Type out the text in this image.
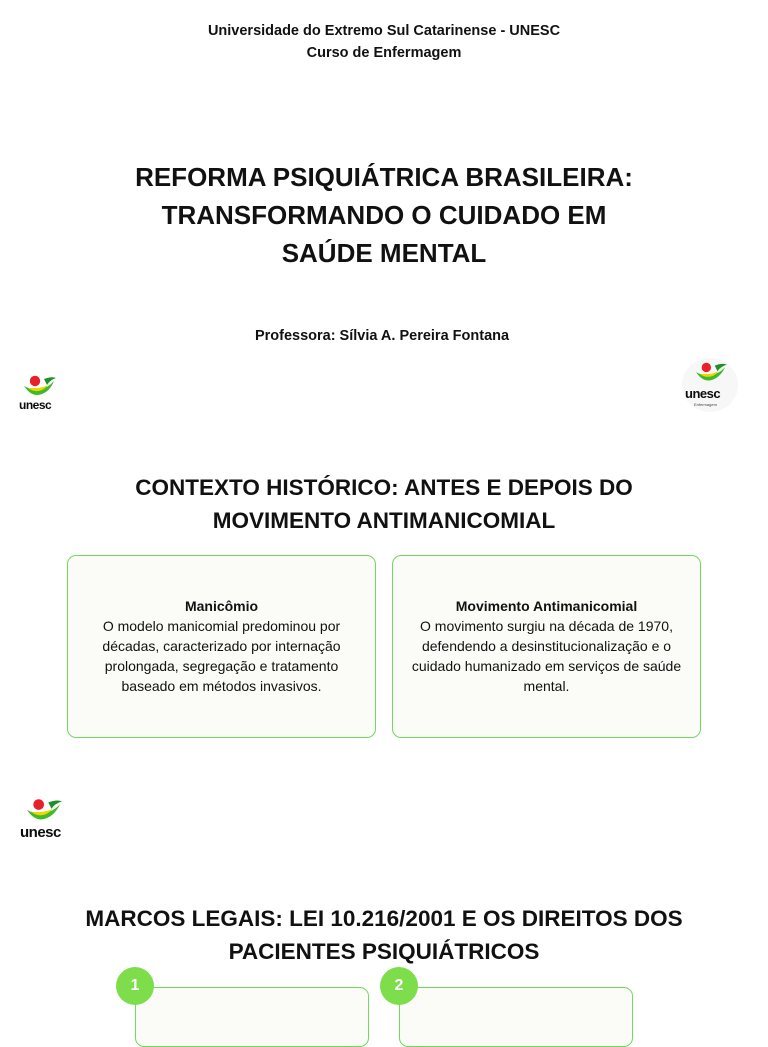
Universidade do Extremo Sul Catarinense - UNESC
Curso de Enfermagem
REFORMA PSIQUIÁTRICA BRASILEIRA:
TRANSFORMANDO O CUIDADO EM
SAÚDE MENTAL
Professora: Sílvia A. Pereira Fontana
unesc
unesc
Enfermagem
CONTEXTO HISTÓRICO: ANTES E DEPOIS DO
MOVIMENTO ANTIMANICOMIAL
Manicômio
O modelo manicomial predominou por décadas, caracterizado por internação prolongada, segregação e tratamento baseado em métodos invasivos.
Movimento Antimanicomial
O movimento surgiu na década de 1970, defendendo a desinstitucionalização e o cuidado humanizado em serviços de saúde mental.
unesc
MARCOS LEGAIS: LEI 10.216/2001 E OS DIREITOS DOS
PACIENTES PSIQUIÁTRICOS
1	2
